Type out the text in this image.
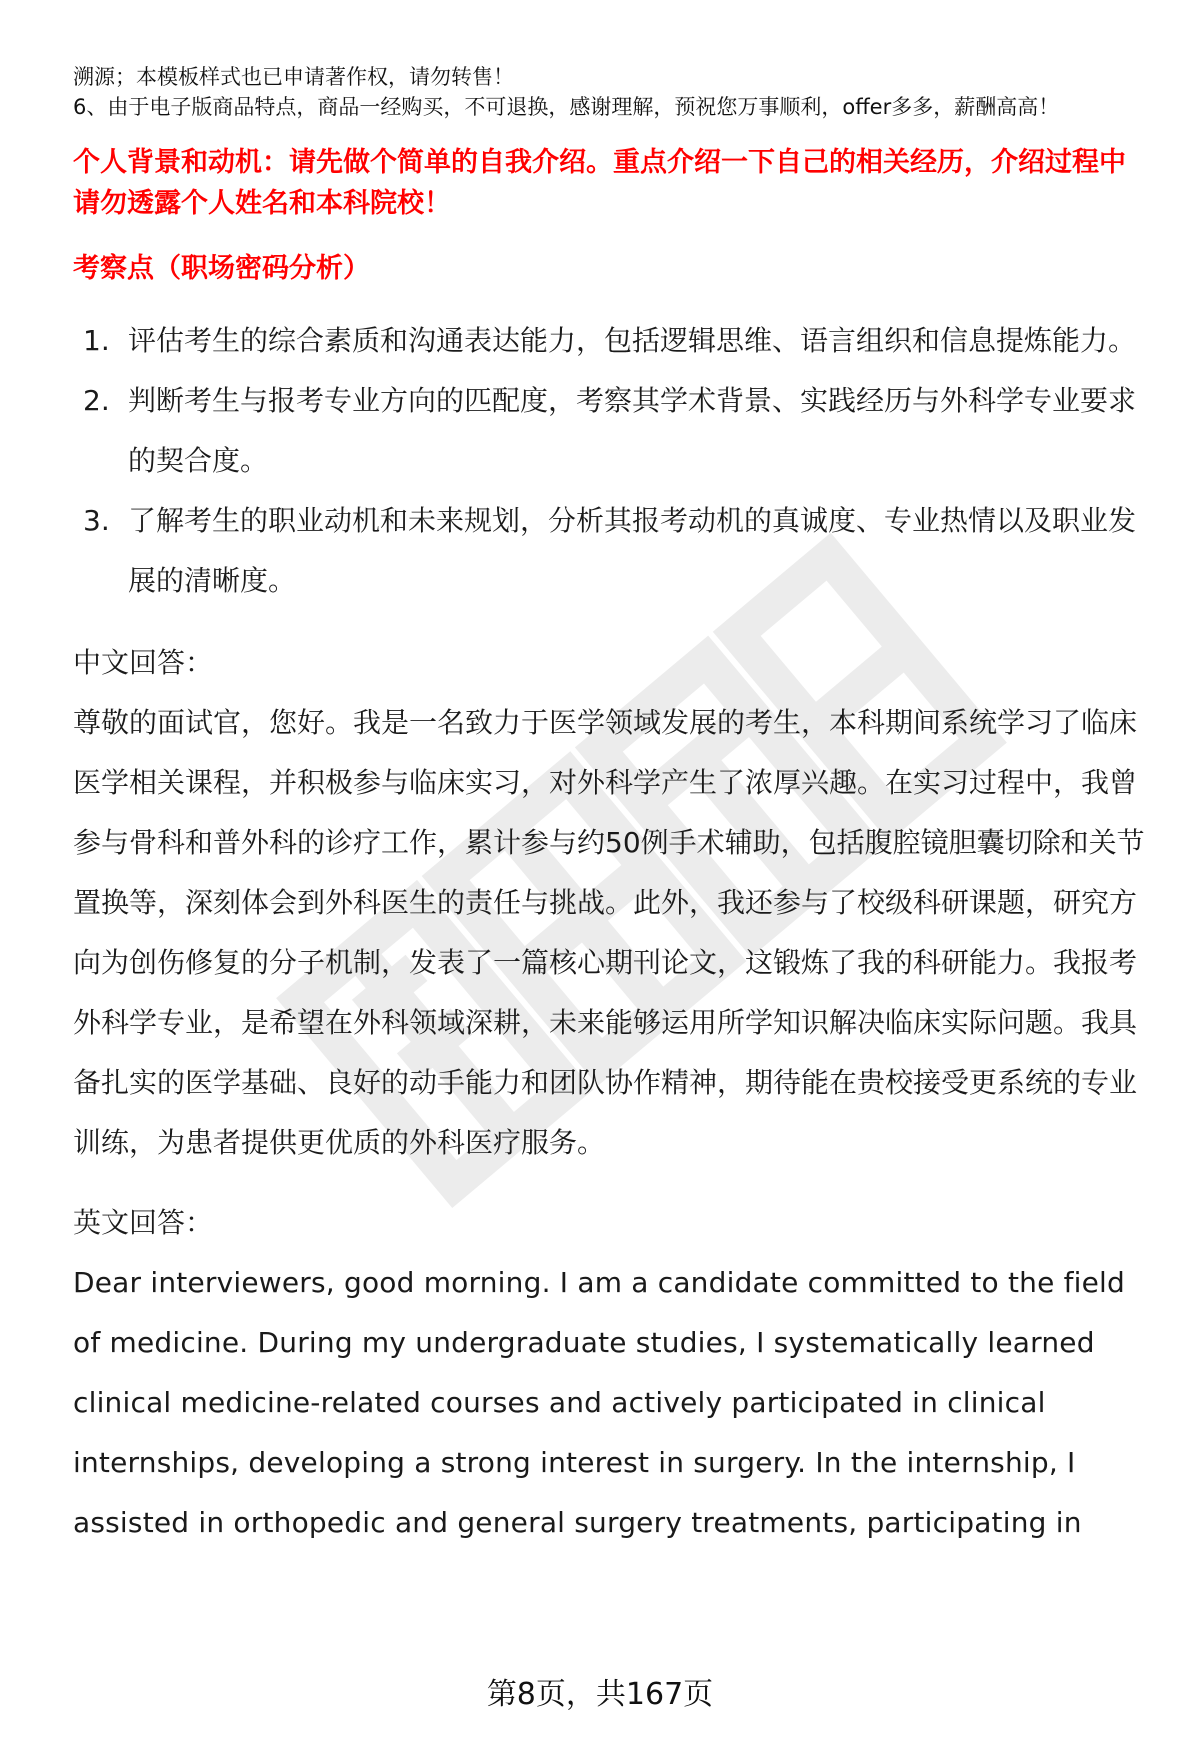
溯源；本模板样式也已申请著作权，请勿转售！
6、由于电子版商品特点，商品一经购买，不可退换，感谢理解，预祝您万事顺利，offer多多，薪酬高高！
个人背景和动机：请先做个简单的自我介绍。重点介绍一下自己的相关经历，介绍过程中请勿透露个人姓名和本科院校！
考察点（职场密码分析）
1. 评估考生的综合素质和沟通表达能力，包括逻辑思维、语言组织和信息提炼能力。
2. 判断考生与报考专业方向的匹配度，考察其学术背景、实践经历与外科学专业要求的契合度。
3. 了解考生的职业动机和未来规划，分析其报考动机的真诚度、专业热情以及职业发展的清晰度。
中文回答：
尊敬的面试官，您好。我是一名致力于医学领域发展的考生，本科期间系统学习了临床医学相关课程，并积极参与临床实习，对外科学产生了浓厚兴趣。在实习过程中，我曾参与骨科和普外科的诊疗工作，累计参与约50例手术辅助，包括腹腔镜胆囊切除和关节置换等，深刻体会到外科医生的责任与挑战。此外，我还参与了校级科研课题，研究方向为创伤修复的分子机制，发表了一篇核心期刊论文，这锻炼了我的科研能力。我报考外科学专业，是希望在外科领域深耕，未来能够运用所学知识解决临床实际问题。我具备扎实的医学基础、良好的动手能力和团队协作精神，期待能在贵校接受更系统的专业训练，为患者提供更优质的外科医疗服务。
英文回答：
Dear interviewers, good morning. I am a candidate committed to the field of medicine. During my undergraduate studies, I systematically learned clinical medicine-related courses and actively participated in clinical internships, developing a strong interest in surgery. In the internship, I assisted in orthopedic and general surgery treatments, participating in
第8页，共167页
